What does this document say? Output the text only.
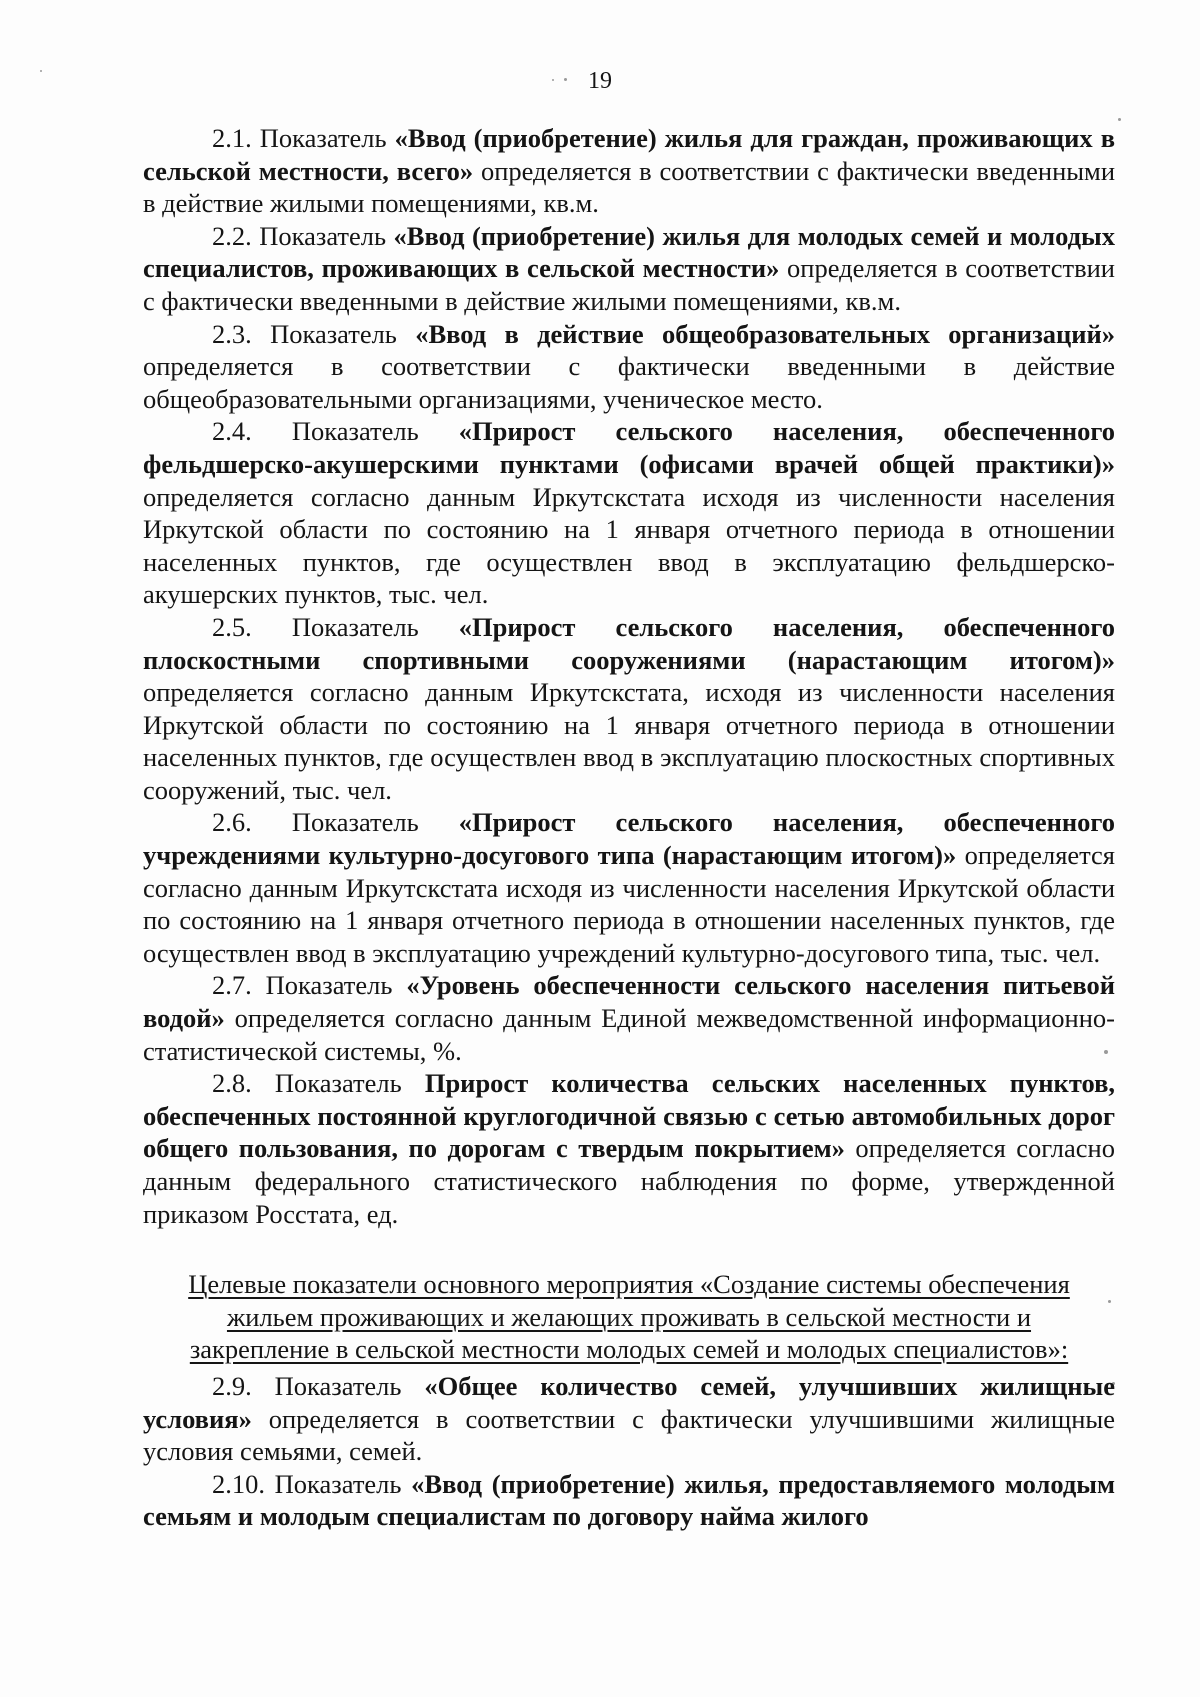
19

2.1. Показатель «Ввод (приобретение) жилья для граждан, проживающих в сельской местности, всего» определяется в соответствии с фактически введенными в действие жилыми помещениями, кв.м.

2.2. Показатель «Ввод (приобретение) жилья для молодых семей и молодых специалистов, проживающих в сельской местности» определяется в соответствии с фактически введенными в действие жилыми помещениями, кв.м.

2.3. Показатель «Ввод в действие общеобразовательных организаций» определяется в соответствии с фактически введенными в действие общеобразовательными организациями, ученическое место.

2.4. Показатель «Прирост сельского населения, обеспеченного фельдшерско-акушерскими пунктами (офисами врачей общей практики)» определяется согласно данным Иркутскстата исходя из численности населения Иркутской области по состоянию на 1 января отчетного периода в отношении населенных пунктов, где осуществлен ввод в эксплуатацию фельдшерско-акушерских пунктов, тыс. чел.

2.5. Показатель «Прирост сельского населения, обеспеченного плоскостными спортивными сооружениями (нарастающим итогом)» определяется согласно данным Иркутскстата, исходя из численности населения Иркутской области по состоянию на 1 января отчетного периода в отношении населенных пунктов, где осуществлен ввод в эксплуатацию плоскостных спортивных сооружений, тыс. чел.

2.6. Показатель «Прирост сельского населения, обеспеченного учреждениями культурно-досугового типа (нарастающим итогом)» определяется согласно данным Иркутскстата исходя из численности населения Иркутской области по состоянию на 1 января отчетного периода в отношении населенных пунктов, где осуществлен ввод в эксплуатацию учреждений культурно-досугового типа, тыс. чел.

2.7. Показатель «Уровень обеспеченности сельского населения питьевой водой» определяется согласно данным Единой межведомственной информационно-статистической системы, %.

2.8. Показатель Прирост количества сельских населенных пунктов, обеспеченных постоянной круглогодичной связью с сетью автомобильных дорог общего пользования, по дорогам с твердым покрытием» определяется согласно данным федерального статистического наблюдения по форме, утвержденной приказом Росстата, ед.

Целевые показатели основного мероприятия «Создание системы обеспечения жильем проживающих и желающих проживать в сельской местности и закрепление в сельской местности молодых семей и молодых специалистов»:

2.9. Показатель «Общее количество семей, улучшивших жилищные условия» определяется в соответствии с фактически улучшившими жилищные условия семьями, семей.

2.10. Показатель «Ввод (приобретение) жилья, предоставляемого молодым семьям и молодым специалистам по договору найма жилого
